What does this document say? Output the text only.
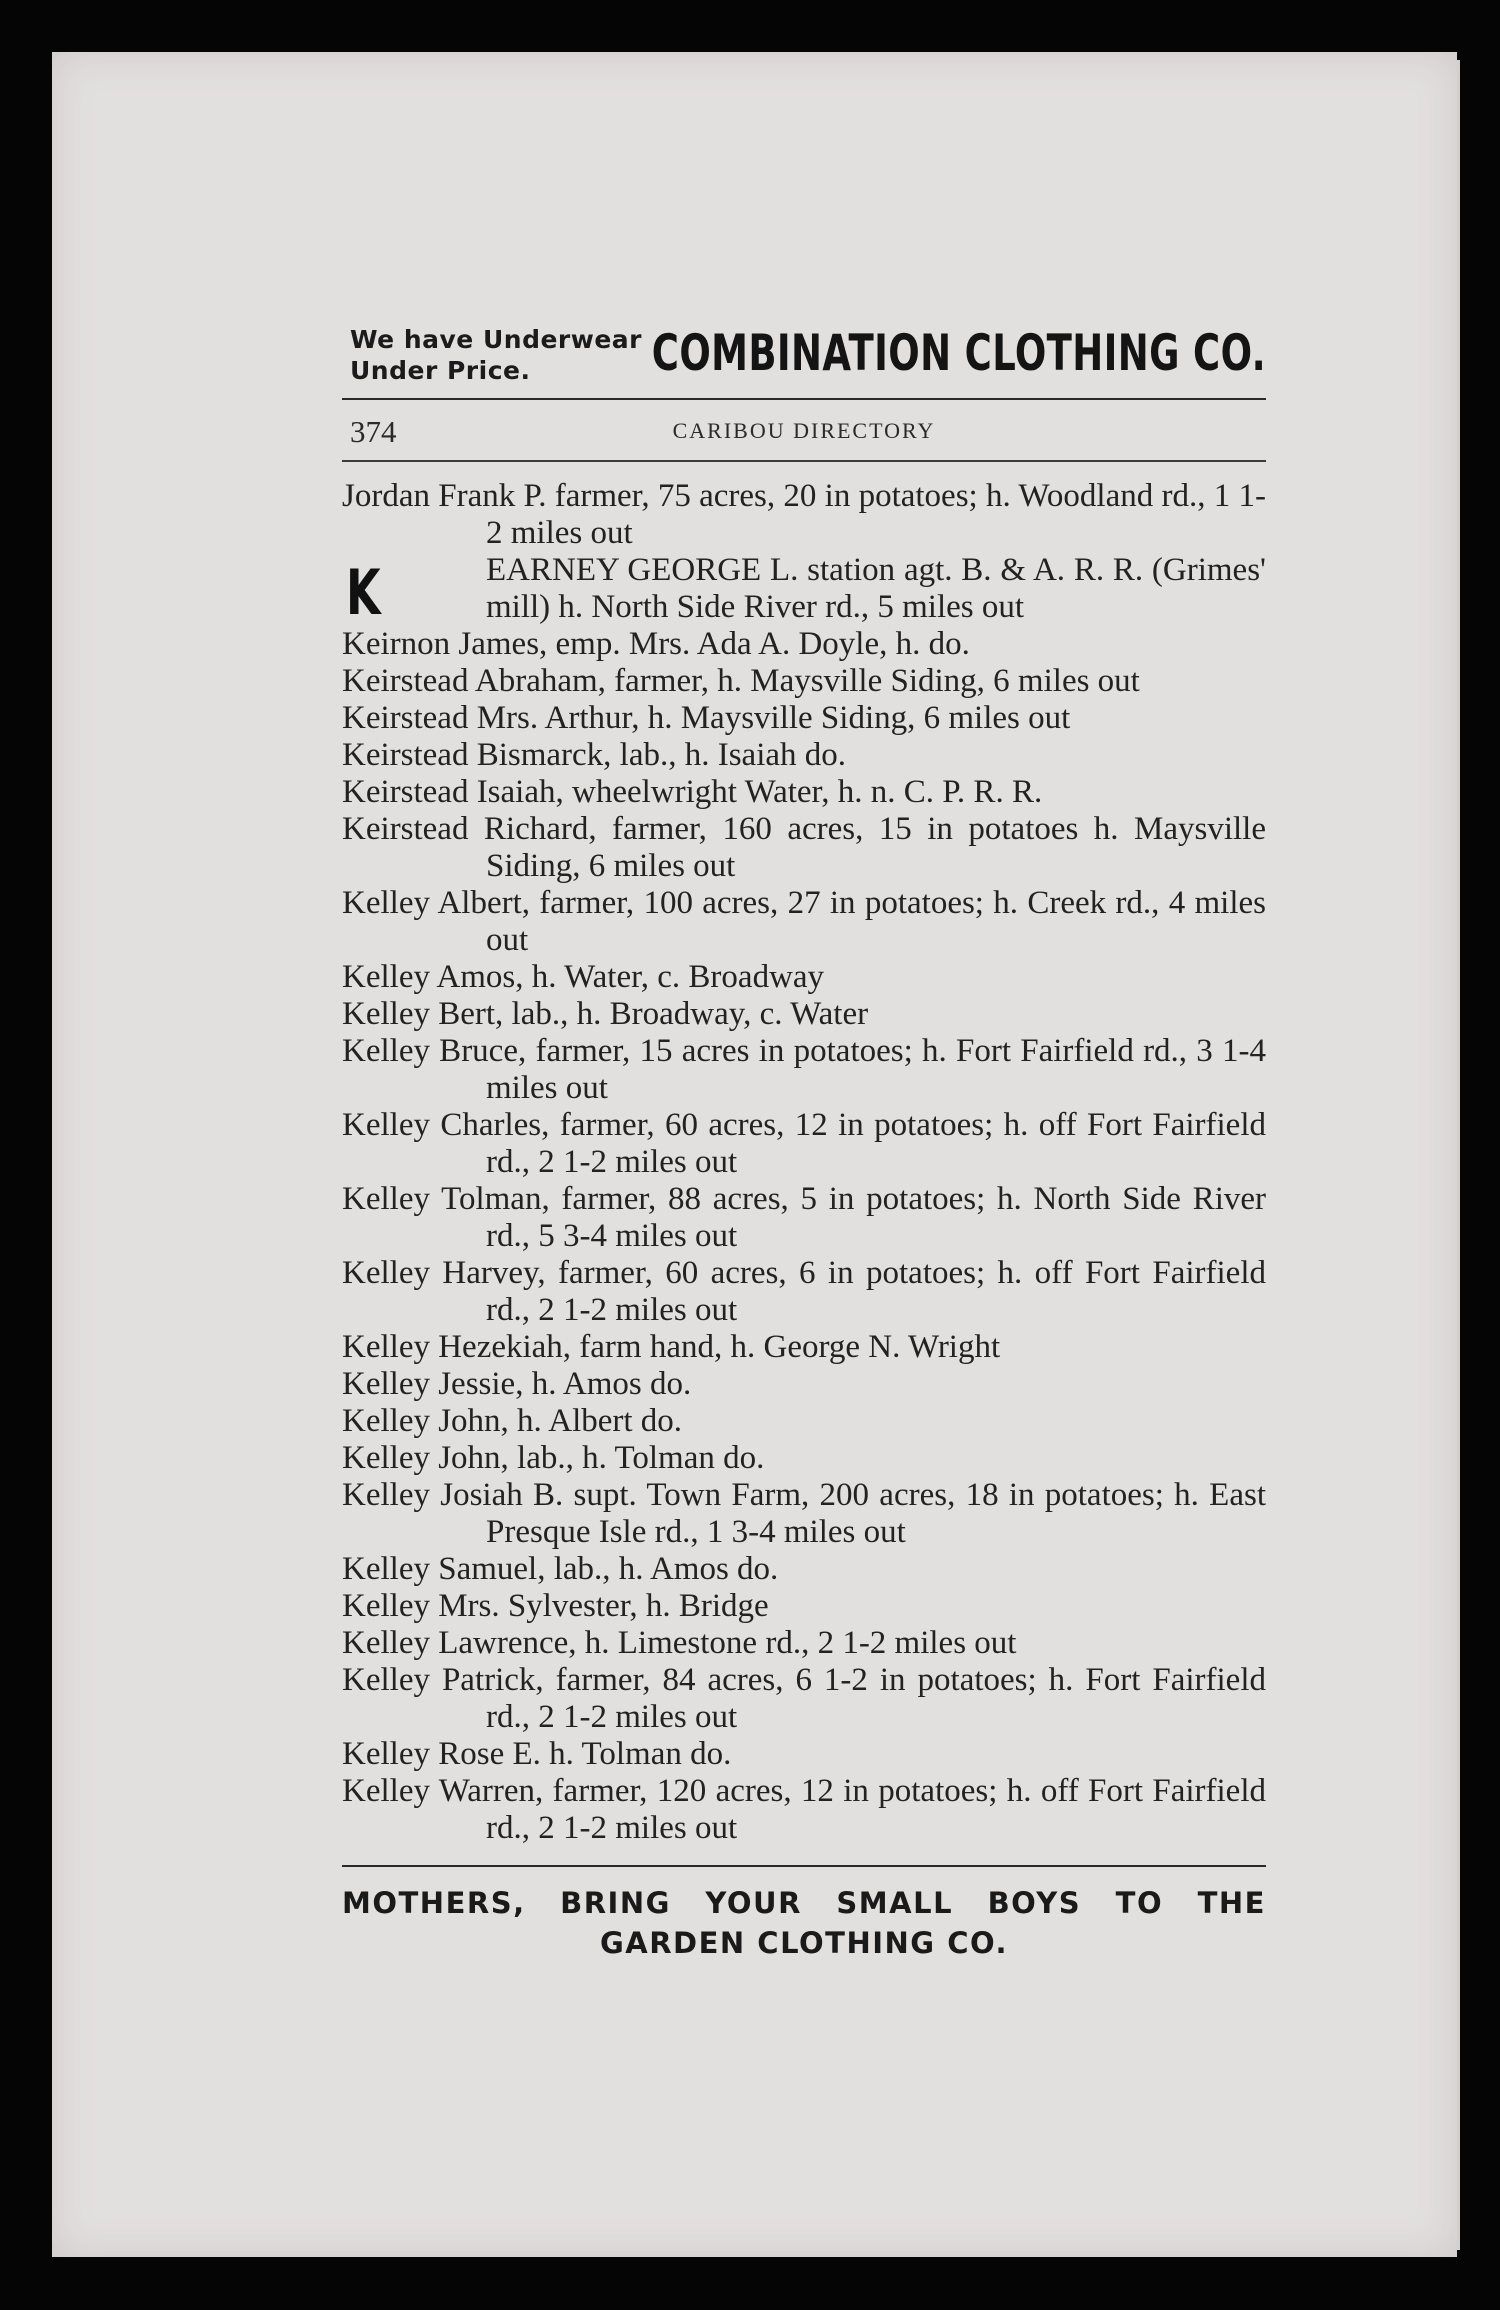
We have Underwear
Under Price.	COMBINATION CLOTHING CO.
374	CARIBOU DIRECTORY

Jordan Frank P. farmer, 75 acres, 20 in potatoes; h. Woodland rd., 1 1-2 miles out

K	EARNEY GEORGE L. station agt. B. & A. R. R. (Grimes' mill) h. North Side River rd., 5 miles out

Keirnon James, emp. Mrs. Ada A. Doyle, h. do.

Keirstead Abraham, farmer, h. Maysville Siding, 6 miles out

Keirstead Mrs. Arthur, h. Maysville Siding, 6 miles out

Keirstead Bismarck, lab., h. Isaiah do.

Keirstead Isaiah, wheelwright Water, h. n. C. P. R. R.

Keirstead Richard, farmer, 160 acres, 15 in potatoes h. Maysville Siding, 6 miles out

Kelley Albert, farmer, 100 acres, 27 in potatoes; h. Creek rd., 4 miles out

Kelley Amos, h. Water, c. Broadway

Kelley Bert, lab., h. Broadway, c. Water

Kelley Bruce, farmer, 15 acres in potatoes; h. Fort Fairfield rd., 3 1-4 miles out

Kelley Charles, farmer, 60 acres, 12 in potatoes; h. off Fort Fairfield rd., 2 1-2 miles out

Kelley Tolman, farmer, 88 acres, 5 in potatoes; h. North Side River rd., 5 3-4 miles out

Kelley Harvey, farmer, 60 acres, 6 in potatoes; h. off Fort Fairfield rd., 2 1-2 miles out

Kelley Hezekiah, farm hand, h. George N. Wright

Kelley Jessie, h. Amos do.

Kelley John, h. Albert do.

Kelley John, lab., h. Tolman do.

Kelley Josiah B. supt. Town Farm, 200 acres, 18 in potatoes; h. East Presque Isle rd., 1 3-4 miles out

Kelley Samuel, lab., h. Amos do.

Kelley Mrs. Sylvester, h. Bridge

Kelley Lawrence, h. Limestone rd., 2 1-2 miles out

Kelley Patrick, farmer, 84 acres, 6 1-2 in potatoes; h. Fort Fairfield rd., 2 1-2 miles out

Kelley Rose E. h. Tolman do.

Kelley Warren, farmer, 120 acres, 12 in potatoes; h. off Fort Fairfield rd., 2 1-2 miles out

MOTHERS, BRING YOUR SMALL BOYS TO THE
GARDEN CLOTHING CO.
